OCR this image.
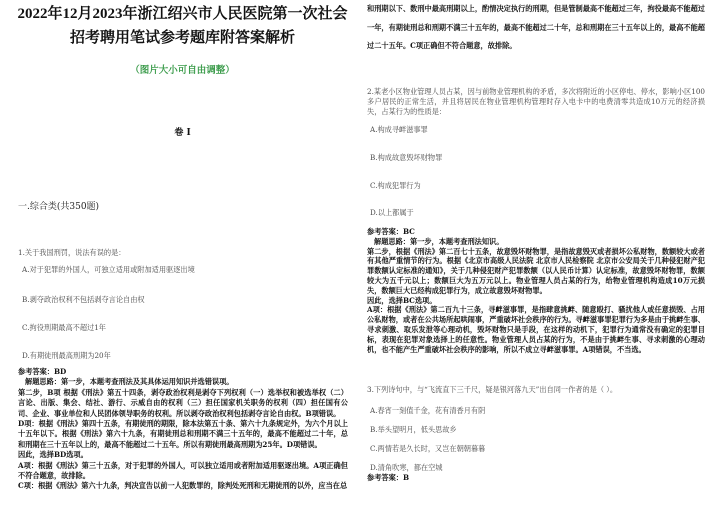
2022年12月2023年浙江绍兴市人民医院第一次社会
招考聘用笔试参考题库附答案解析
（图片大小可自由调整）
卷 I
一.综合类(共350题)
1.关于我国刑罚，说法有误的是：
A.对于犯罪的外国人，可独立适用或附加适用驱逐出境
B.剥夺政治权利不包括剥夺言论自由权
C.拘役刑期最高不超过1年
D.有期徒刑最高刑期为20年

参考答案：BD

解题思路：第一步，本题考查刑法及其具体运用知识并选错误项。

第二步，B项 根据《刑法》第五十四条，剥夺政治权利是剥夺下列权利（一）选举权和被选举权（二）言论、出版、集会、结社、游行、示威自由的权利（三）担任国家机关职务的权利（四）担任国有公司、企业、事业单位和人民团体领导职务的权利。所以剥夺政治权利包括剥夺言论自由权。B项错误。

D项：根据《刑法》第四十五条，有期徒刑的期限，除本法第五十条、第六十九条规定外，为六个月以上十五年以下。根据《刑法》第六十九条，有期徒刑总和刑期不满三十五年的，最高不能超过二十年，总和刑期在三十五年以上的，最高不能超过二十五年。所以有期徒刑最高刑期为25年。D项错误。

因此，选择BD选项。

A项：根据《刑法》第三十五条，对于犯罪的外国人，可以独立适用或者附加适用驱逐出境。A项正确但不符合题意，故排除。

C项：根据《刑法》第六十九条，判决宣告以前一人犯数罪的，除判处死刑和无期徒刑的以外，应当在总

和刑期以下、数刑中最高刑期以上，酌情决定执行的刑期，但是管制最高不能超过三年，拘役最高不能超过一年，有期徒刑总和刑期不满三十五年的，最高不能超过二十年，总和刑期在三十五年以上的，最高不能超过二十五年。C项正确但不符合题意，故排除。
2.某老小区物业管理人员占某，因与前物业管理机构的矛盾，多次将附近的小区停电、停水，影响小区100多户居民的正常生活，并且将居民在物业管理机构管理时存入电卡中的电费清零共造成10万元的经济损失，占某行为的性质是：
A.构成寻衅滋事罪
B.构成故意毁坏财物罪
C.构成犯罪行为
D.以上都属于

参考答案：BC

解题思路：第一步，本题考查刑法知识。

第二步，根据《刑法》第二百七十五条，故意毁坏财物罪，是指故意毁灭或者损坏公私财物，数额较大或者有其他严重情节的行为。根据《北京市高级人民法院 北京市人民检察院 北京市公安局关于几种侵犯财产犯罪数额认定标准的通知》，关于几种侵犯财产犯罪数额（以人民币计算）认定标准，故意毁坏财物罪，数额较大为五千元以上；数额巨大为五万元以上。物业管理人员占某的行为，给物业管理机构造成10万元损失，数额巨大已经构成犯罪行为，成立故意毁坏财物罪。

因此，选择BC选项。

A项：根据《刑法》第二百九十三条，寻衅滋事罪，是指肆意挑衅、随意殴打、骚扰他人或任意损毁、占用公私财物，或者在公共场所起哄闹事，严重破坏社会秩序的行为。寻衅滋事罪犯罪行为多是由于挑衅生事、寻求刺激、取乐发泄等心理动机，毁坏财物只是手段，在这样的动机下，犯罪行为通常没有确定的犯罪目标，表现在犯罪对象选择上的任意性。物业管理人员占某的行为，不是由于挑衅生事、寻求刺激的心理动机，也不能产生严重破坏社会秩序的影响，所以不成立寻衅滋事罪。A项错误，不当选。

3.下列诗句中，与“飞流直下三千尺，疑是银河落九天”出自同一作者的是（ ）。
A.春宵一刻值千金，花有清香月有阴
B.举头望明月，低头思故乡
C.两情若是久长时，又岂在朝朝暮暮
D.清角吹寒，都在空城
参考答案：B
